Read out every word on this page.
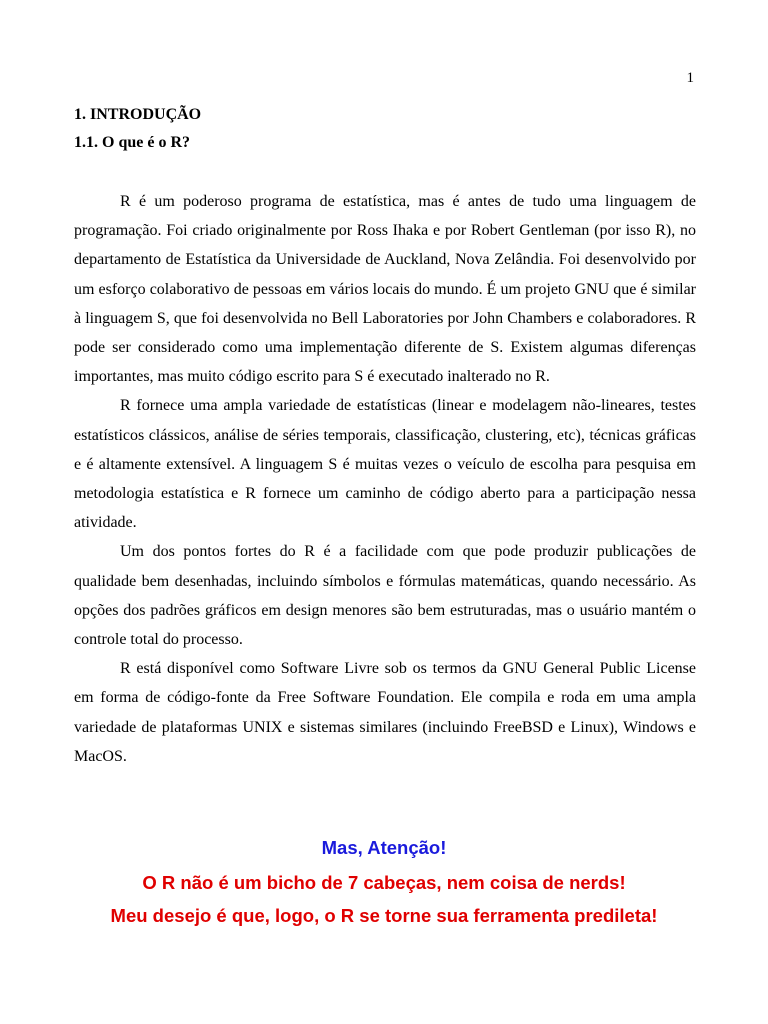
1
1. INTRODUÇÃO
1.1. O que é o R?

R é um poderoso programa de estatística, mas é antes de tudo uma linguagem de programação. Foi criado originalmente por Ross Ihaka e por Robert Gentleman (por isso R), no departamento de Estatística da Universidade de Auckland, Nova Zelândia. Foi desenvolvido por um esforço colaborativo de pessoas em vários locais do mundo. É um projeto GNU que é similar à linguagem S, que foi desenvolvida no Bell Laboratories por John Chambers e colaboradores. R pode ser considerado como uma implementação diferente de S. Existem algumas diferenças importantes, mas muito código escrito para S é executado inalterado no R.

R fornece uma ampla variedade de estatísticas (linear e modelagem não-lineares, testes estatísticos clássicos, análise de séries temporais, classificação, clustering, etc), técnicas gráficas e é altamente extensível. A linguagem S é muitas vezes o veículo de escolha para pesquisa em metodologia estatística e R fornece um caminho de código aberto para a participação nessa atividade.

Um dos pontos fortes do R é a facilidade com que pode produzir publicações de qualidade bem desenhadas, incluindo símbolos e fórmulas matemáticas, quando necessário. As opções dos padrões gráficos em design menores são bem estruturadas, mas o usuário mantém o controle total do processo.

R está disponível como Software Livre sob os termos da GNU General Public License em forma de código-fonte da Free Software Foundation. Ele compila e roda em uma ampla variedade de plataformas UNIX e sistemas similares (incluindo FreeBSD e Linux), Windows e MacOS.

Mas, Atenção!
O R não é um bicho de 7 cabeças, nem coisa de nerds!
Meu desejo é que, logo, o R se torne sua ferramenta predileta!
